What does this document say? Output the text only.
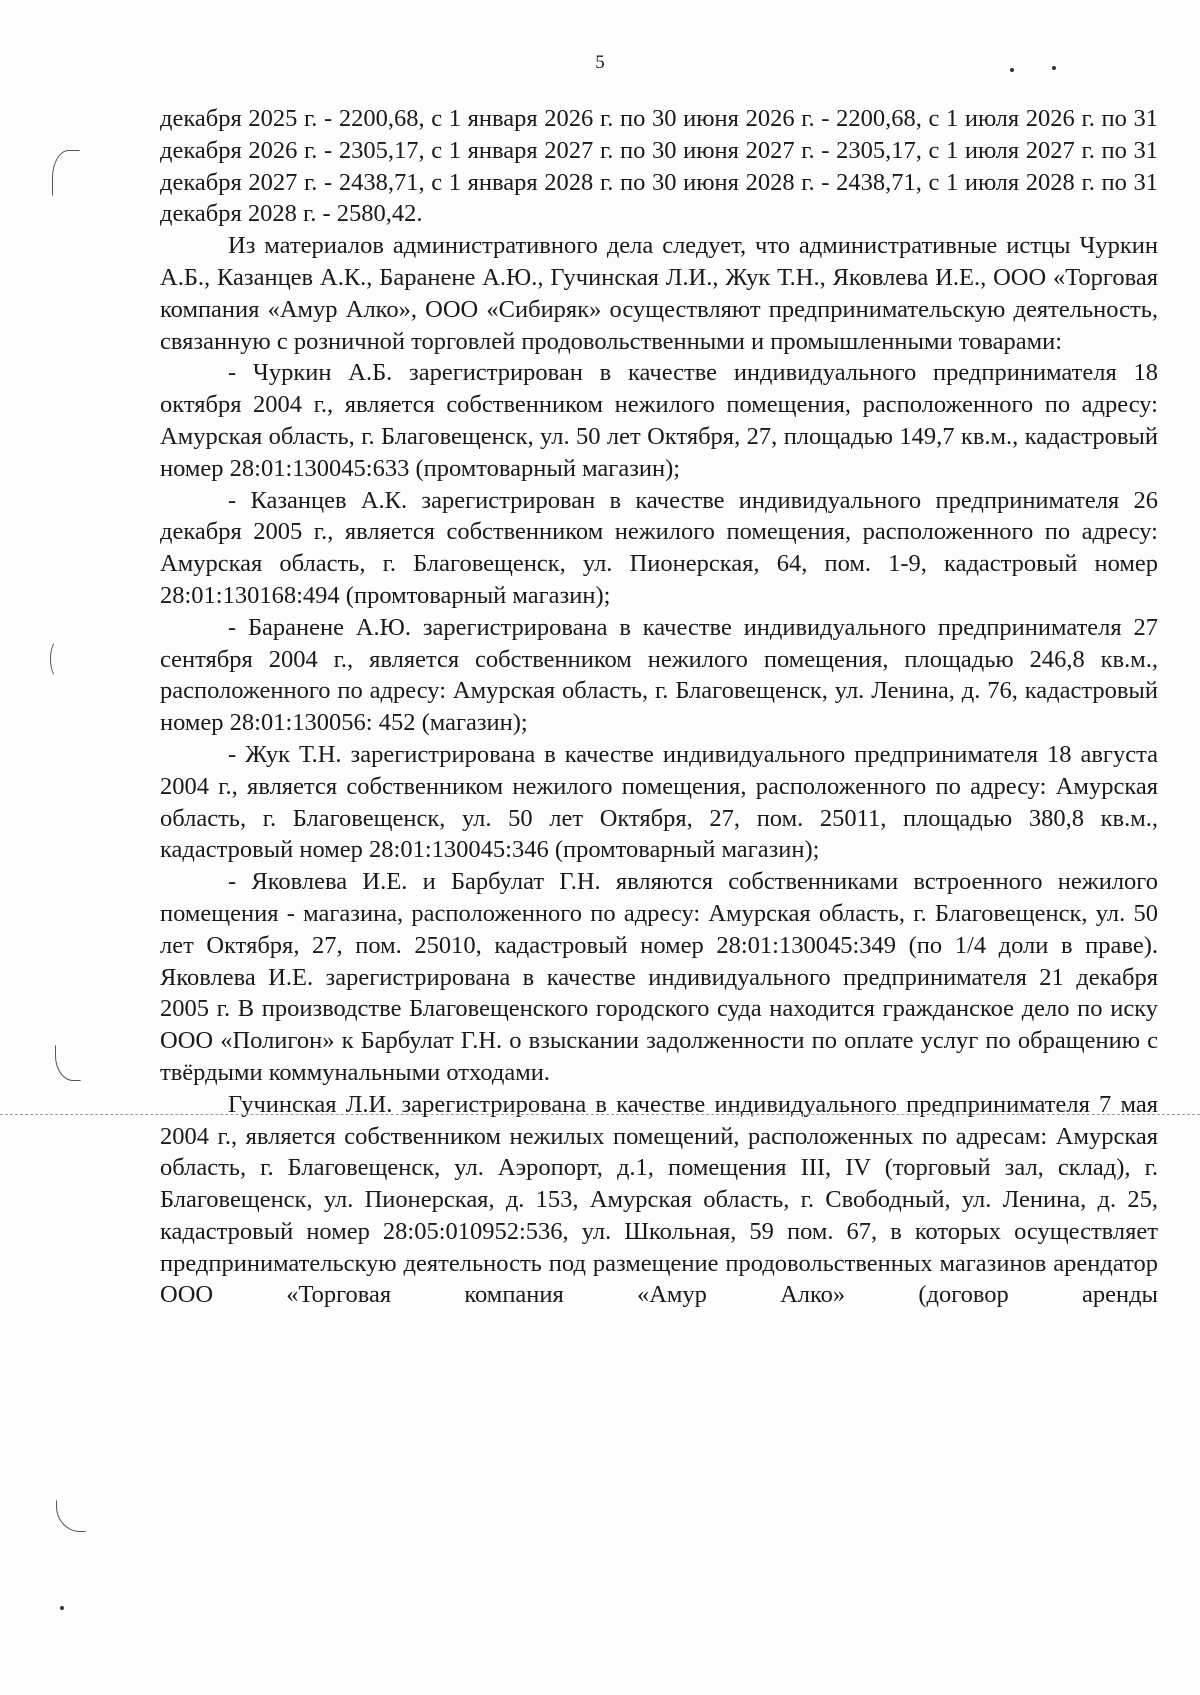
5

декабря 2025 г. - 2200,68, с 1 января 2026 г. по 30 июня 2026 г. - 2200,68, с 1 июля 2026 г. по 31 декабря 2026 г. - 2305,17, с 1 января 2027 г. по 30 июня 2027 г. - 2305,17, с 1 июля 2027 г. по 31 декабря 2027 г. - 2438,71, с 1 января 2028 г. по 30 июня 2028 г. - 2438,71, с 1 июля 2028 г. по 31 декабря 2028 г. - 2580,42.

Из материалов административного дела следует, что административные истцы Чуркин А.Б., Казанцев А.К., Баранене А.Ю., Гучинская Л.И., Жук Т.Н., Яковлева И.Е., ООО «Торговая компания «Амур Алко», ООО «Сибиряк» осуществляют предпринимательскую деятельность, связанную с розничной торговлей продовольственными и промышленными товарами:

- Чуркин А.Б. зарегистрирован в качестве индивидуального предпринимателя 18 октября 2004 г., является собственником нежилого помещения, расположенного по адресу: Амурская область, г. Благовещенск, ул. 50 лет Октября, 27, площадью 149,7 кв.м., кадастровый номер 28:01:130045:633 (промтоварный магазин);

- Казанцев А.К. зарегистрирован в качестве индивидуального предпринимателя 26 декабря 2005 г., является собственником нежилого помещения, расположенного по адресу: Амурская область, г. Благовещенск, ул. Пионерская, 64, пом. 1-9, кадастровый номер 28:01:130168:494 (промтоварный магазин);

- Баранене А.Ю. зарегистрирована в качестве индивидуального предпринимателя 27 сентября 2004 г., является собственником нежилого помещения, площадью 246,8 кв.м., расположенного по адресу: Амурская область, г. Благовещенск, ул. Ленина, д. 76, кадастровый номер 28:01:130056: 452 (магазин);

- Жук Т.Н. зарегистрирована в качестве индивидуального предпринимателя 18 августа 2004 г., является собственником нежилого помещения, расположенного по адресу: Амурская область, г. Благовещенск, ул. 50 лет Октября, 27, пом. 25011, площадью 380,8 кв.м., кадастровый номер 28:01:130045:346 (промтоварный магазин);

- Яковлева И.Е. и Барбулат Г.Н. являются собственниками встроенного нежилого помещения - магазина, расположенного по адресу: Амурская область, г. Благовещенск, ул. 50 лет Октября, 27, пом. 25010, кадастровый номер 28:01:130045:349 (по 1/4 доли в праве). Яковлева И.Е. зарегистрирована в качестве индивидуального предпринимателя 21 декабря 2005 г. В производстве Благовещенского городского суда находится гражданское дело по иску ООО «Полигон» к Барбулат Г.Н. о взыскании задолженности по оплате услуг по обращению с твёрдыми коммунальными отходами.

Гучинская Л.И. зарегистрирована в качестве индивидуального предпринимателя 7 мая 2004 г., является собственником нежилых помещений, расположенных по адресам: Амурская область, г. Благовещенск, ул. Аэропорт, д.1, помещения III, IV (торговый зал, склад), г. Благовещенск, ул. Пионерская, д. 153, Амурская область, г. Свободный, ул. Ленина, д. 25, кадастровый номер 28:05:010952:536, ул. Школьная, 59 пом. 67, в которых осуществляет предпринимательскую деятельность под размещение продовольственных магазинов арендатор ООО «Торговая компания «Амур Алко» (договор аренды
